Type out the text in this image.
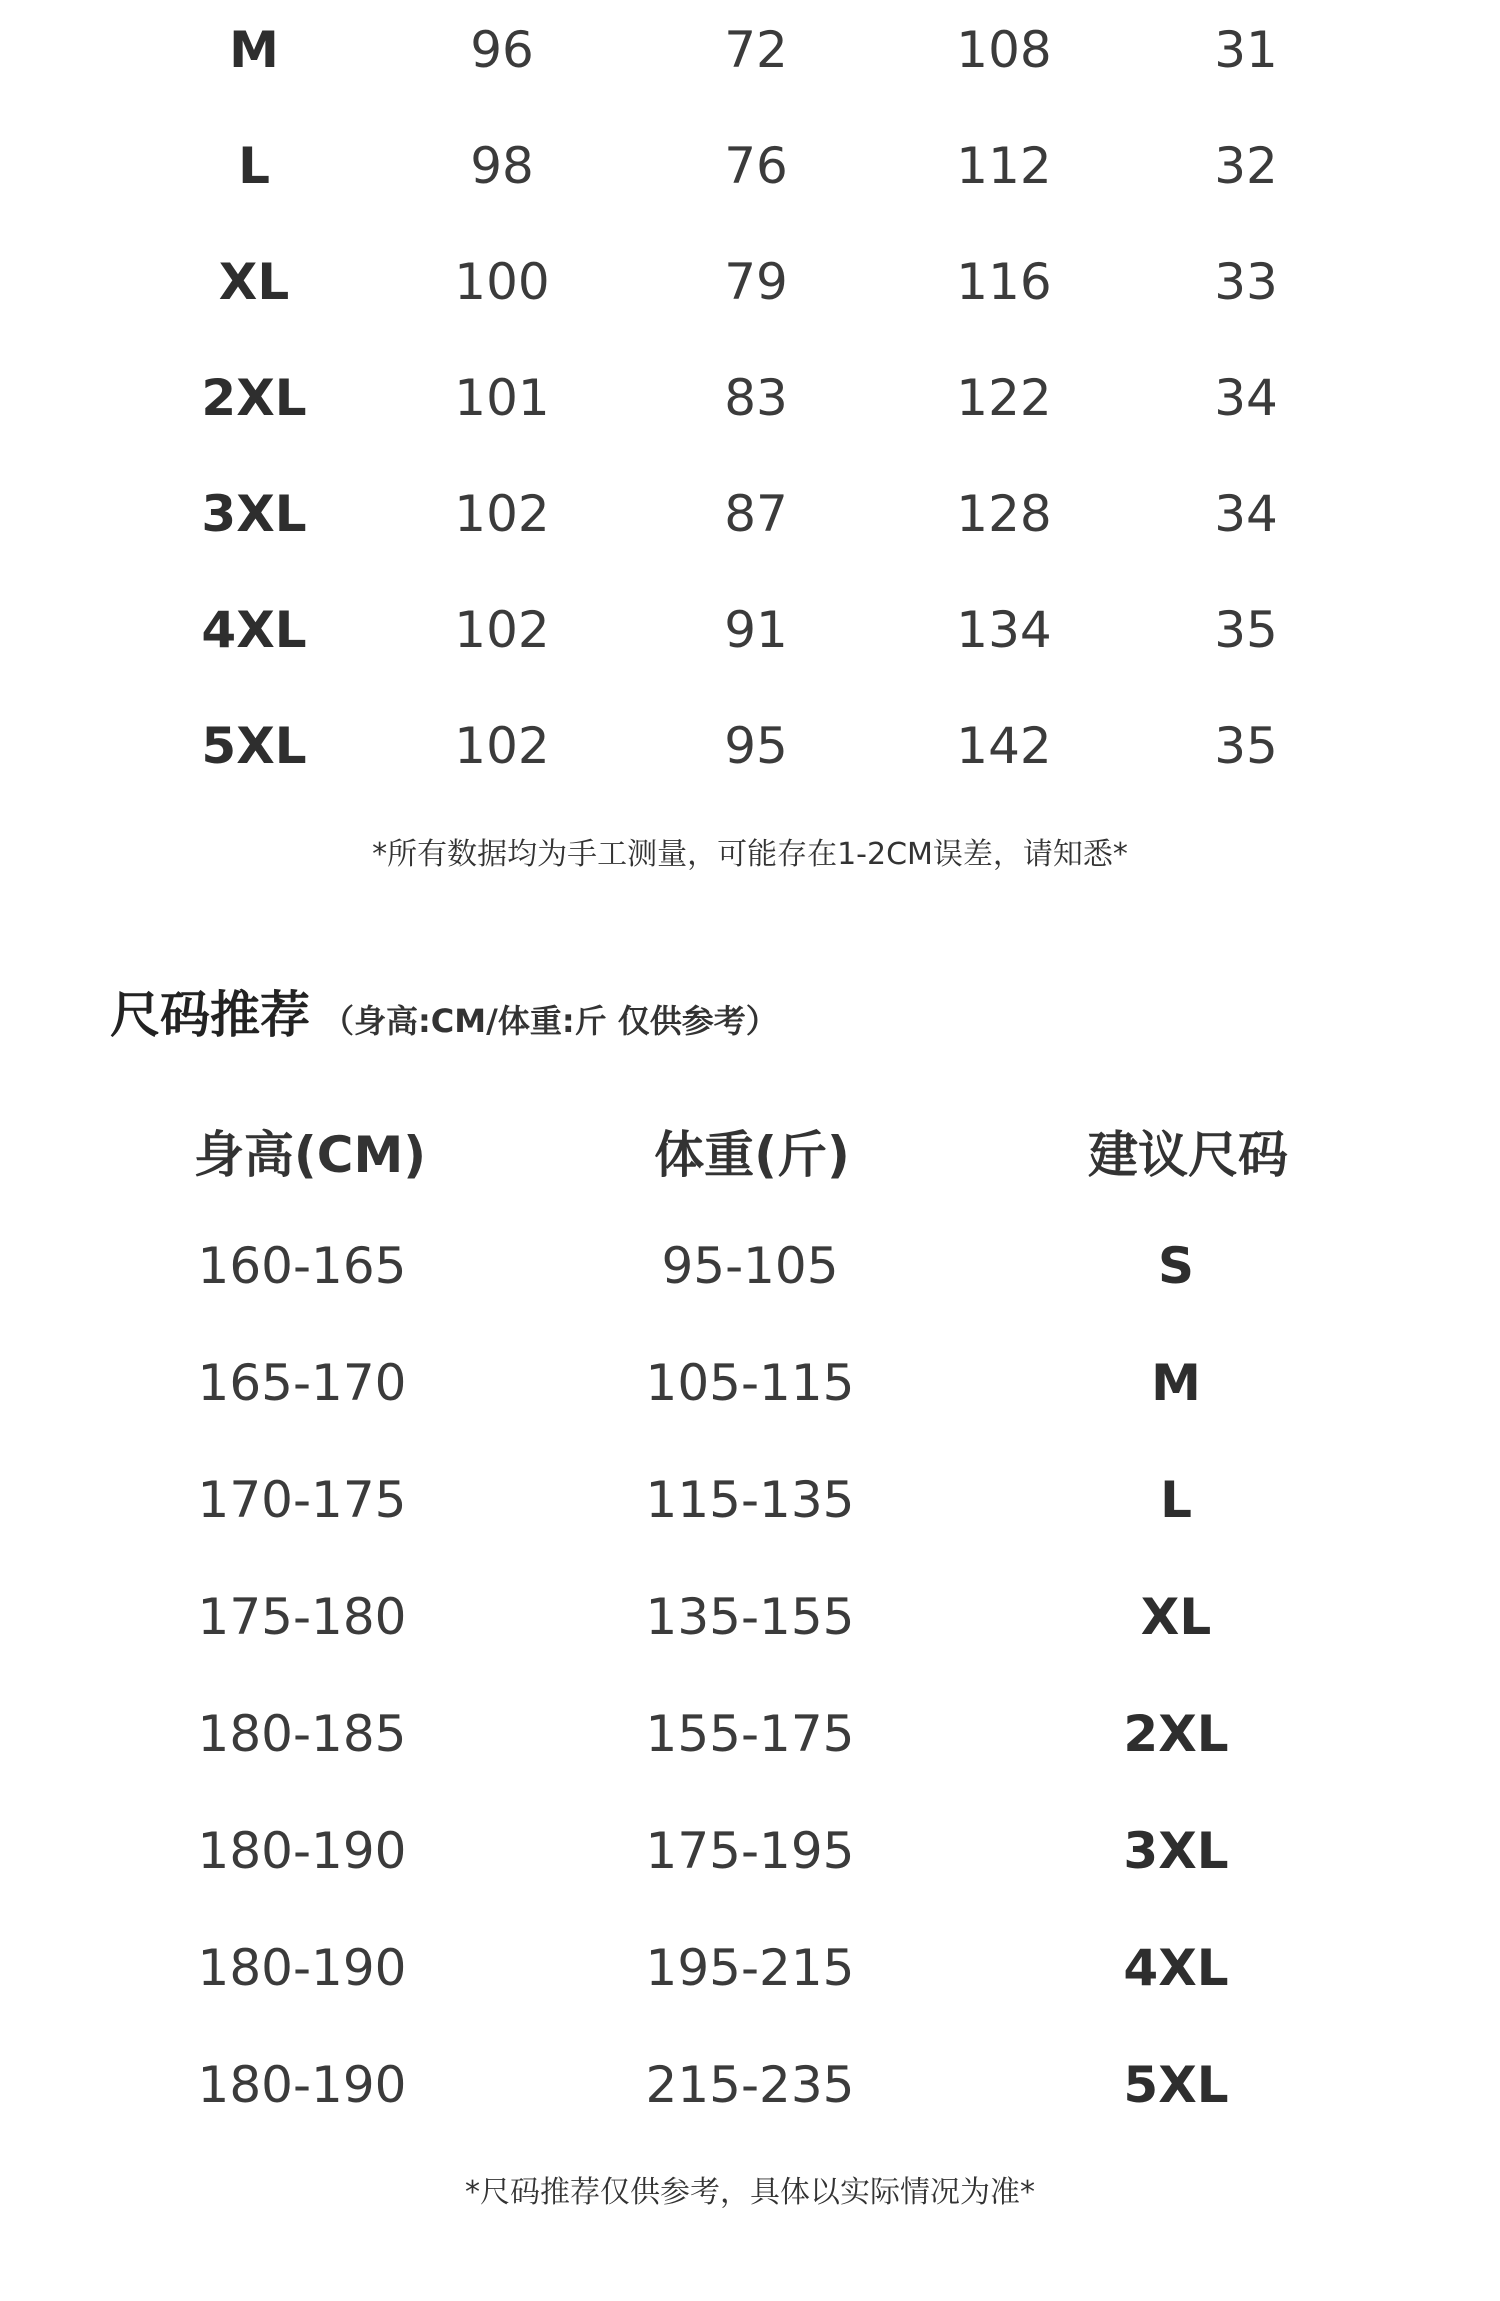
M	96	72	108	31
L	98	76	112	32
XL	100	79	116	33
2XL	101	83	122	34
3XL	102	87	128	34
4XL	102	91	134	35
5XL	102	95	142	35
*所有数据均为手工测量，可能存在1-2CM误差，请知悉*
尺码推荐 （身高:CM/体重:斤 仅供参考）
身高(CM)	体重(斤)	建议尺码
160-165	95-105	S
165-170	105-115	M
170-175	115-135	L
175-180	135-155	XL
180-185	155-175	2XL
180-190	175-195	3XL
180-190	195-215	4XL
180-190	215-235	5XL
*尺码推荐仅供参考，具体以实际情况为准*
